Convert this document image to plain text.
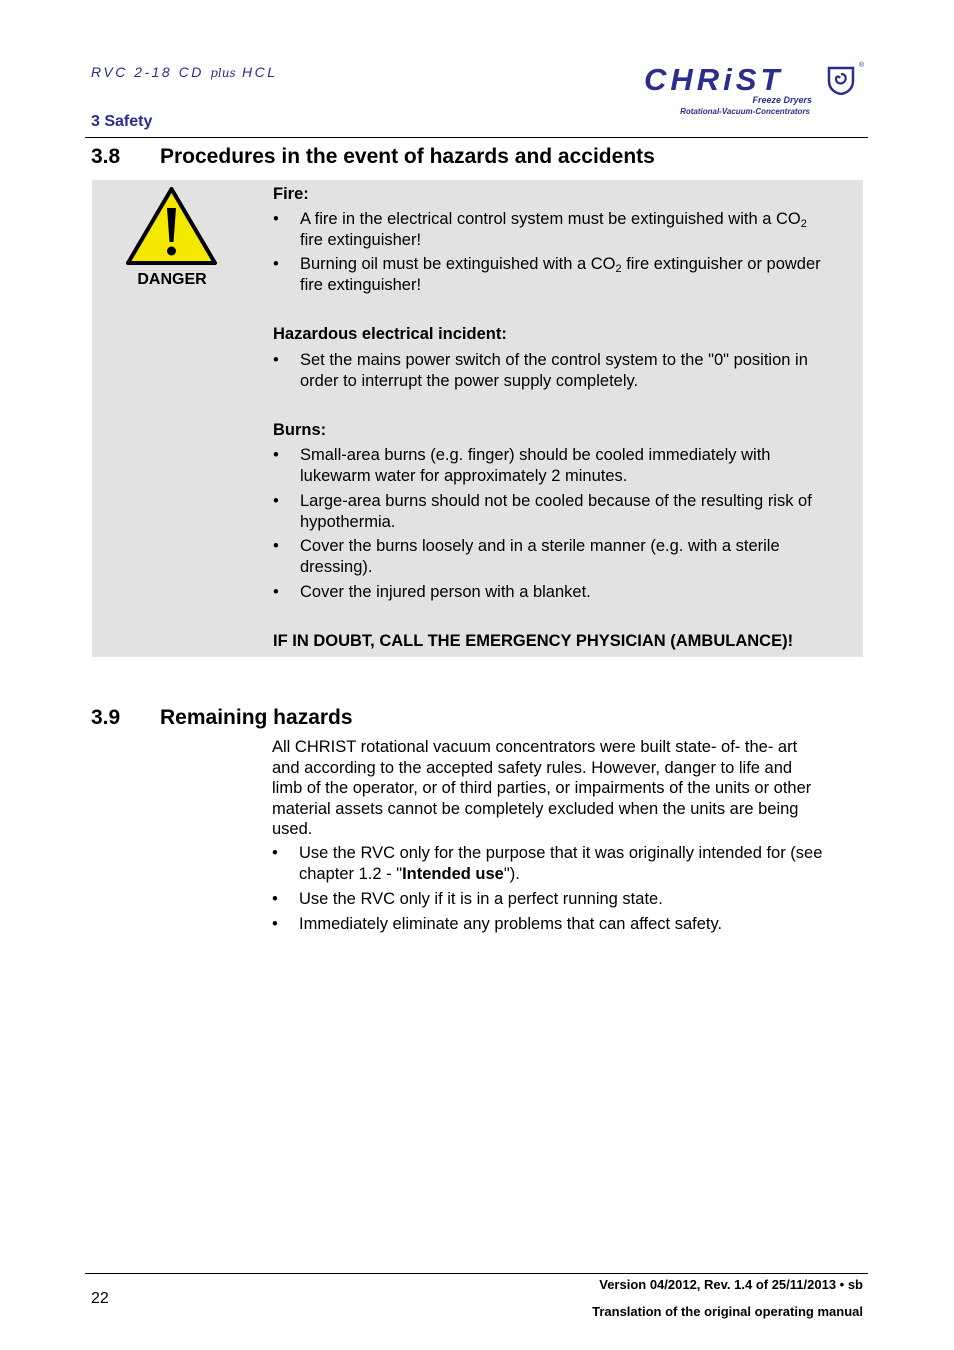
RVC 2-18 CD plus HCL
3 Safety
CHRiST	®
Freeze Dryers
Rotational-Vacuum-Concentrators
3.8 Procedures in the event of hazards and accidents
DANGER
Fire:
• A fire in the electrical control system must be extinguished with a $CO_2$
fire extinguisher!
• Burning oil must be extinguished with a $CO_2$ fire extinguisher or powder
fire extinguisher!
Hazardous electrical incident:
• Set the mains power switch of the control system to the "0" position in
order to interrupt the power supply completely.
Burns:
• Small-area burns (e.g. finger) should be cooled immediately with
lukewarm water for approximately 2 minutes.
• Large-area burns should not be cooled because of the resulting risk of
hypothermia.
• Cover the burns loosely and in a sterile manner (e.g. with a sterile
dressing).
• Cover the injured person with a blanket.
IF IN DOUBT, CALL THE EMERGENCY PHYSICIAN (AMBULANCE)!
3.9 Remaining hazards
All CHRIST rotational vacuum concentrators were built state- of- the- art
and according to the accepted safety rules. However, danger to life and
limb of the operator, or of third parties, or impairments of the units or other
material assets cannot be completely excluded when the units are being
used.
• Use the RVC only for the purpose that it was originally intended for (see
chapter 1.2 - "Intended use").
• Use the RVC only if it is in a perfect running state.
• Immediately eliminate any problems that can affect safety.
22
Version 04/2012, Rev. 1.4 of 25/11/2013 • sb
Translation of the original operating manual
